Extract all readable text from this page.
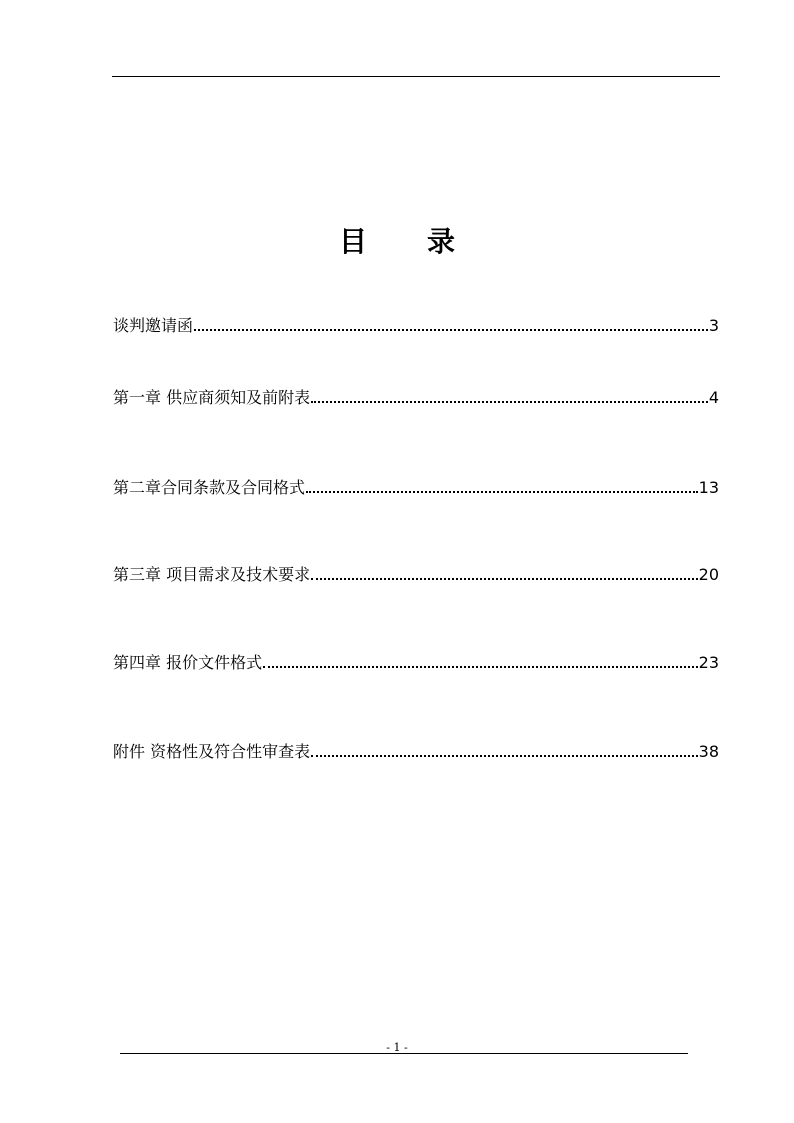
目 录
谈判邀请函	3
第一章 供应商须知及前附表	4
第二章合同条款及合同格式	13
第三章 项目需求及技术要求	20
第四章 报价文件格式	23
附件 资格性及符合性审查表	38
- 1 -
